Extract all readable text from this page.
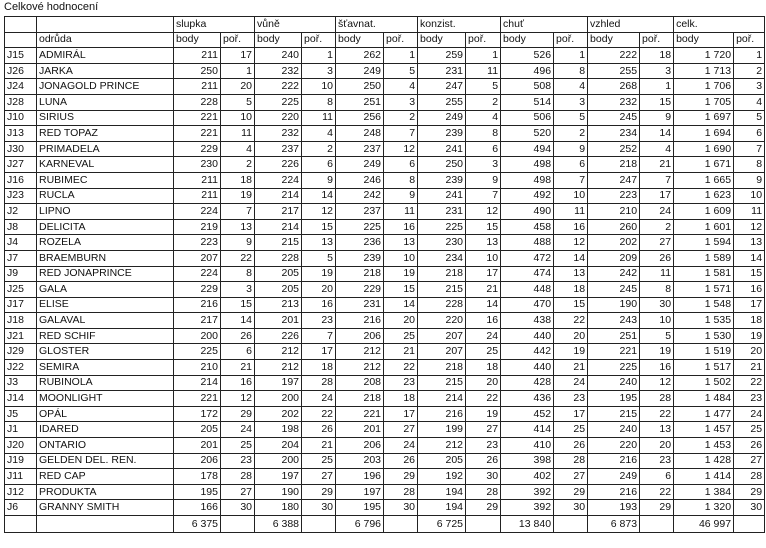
Celkové hodnocení
		slupka		vůně		šťavnat.		konzist.		chuť		vzhled		celk.	
	odrůda	body	poř.	body	poř.	body	poř.	body	poř.	body	poř.	body	poř.	body	poř.
J15	ADMIRÁL	211	17	240	1	262	1	259	1	526	1	222	18	1 720	1
J26	JARKA	250	1	232	3	249	5	231	11	496	8	255	3	1 713	2
J24	JONAGOLD PRINCE	211	20	222	10	250	4	247	5	508	4	268	1	1 706	3
J28	LUNA	228	5	225	8	251	3	255	2	514	3	232	15	1 705	4
J10	SIRIUS	221	10	220	11	256	2	249	4	506	5	245	9	1 697	5
J13	RED TOPAZ	221	11	232	4	248	7	239	8	520	2	234	14	1 694	6
J30	PRIMADELA	229	4	237	2	237	12	241	6	494	9	252	4	1 690	7
J27	KARNEVAL	230	2	226	6	249	6	250	3	498	6	218	21	1 671	8
J16	RUBIMEC	211	18	224	9	246	8	239	9	498	7	247	7	1 665	9
J23	RUCLA	211	19	214	14	242	9	241	7	492	10	223	17	1 623	10
J2	LIPNO	224	7	217	12	237	11	231	12	490	11	210	24	1 609	11
J8	DELICITA	219	13	214	15	225	16	225	15	458	16	260	2	1 601	12
J4	ROZELA	223	9	215	13	236	13	230	13	488	12	202	27	1 594	13
J7	BRAEMBURN	207	22	228	5	239	10	234	10	472	14	209	26	1 589	14
J9	RED JONAPRINCE	224	8	205	19	218	19	218	17	474	13	242	11	1 581	15
J25	GALA	229	3	205	20	229	15	215	21	448	18	245	8	1 571	16
J17	ELISE	216	15	213	16	231	14	228	14	470	15	190	30	1 548	17
J18	GALAVAL	217	14	201	23	216	20	220	16	438	22	243	10	1 535	18
J21	RED SCHIF	200	26	226	7	206	25	207	24	440	20	251	5	1 530	19
J29	GLOSTER	225	6	212	17	212	21	207	25	442	19	221	19	1 519	20
J22	SEMIRA	210	21	212	18	212	22	218	18	440	21	225	16	1 517	21
J3	RUBINOLA	214	16	197	28	208	23	215	20	428	24	240	12	1 502	22
J14	MOONLIGHT	221	12	200	24	218	18	214	22	436	23	195	28	1 484	23
J5	OPÁL	172	29	202	22	221	17	216	19	452	17	215	22	1 477	24
J1	IDARED	205	24	198	26	201	27	199	27	414	25	240	13	1 457	25
J20	ONTARIO	201	25	204	21	206	24	212	23	410	26	220	20	1 453	26
J19	GELDEN DEL. REN.	206	23	200	25	203	26	205	26	398	28	216	23	1 428	27
J11	RED CAP	178	28	197	27	196	29	192	30	402	27	249	6	1 414	28
J12	PRODUKTA	195	27	190	29	197	28	194	28	392	29	216	22	1 384	29
J6	GRANNY SMITH	166	30	180	30	195	30	194	29	392	30	193	29	1 320	30
		6 375		6 388		6 796		6 725		13 840		6 873		46 997	
